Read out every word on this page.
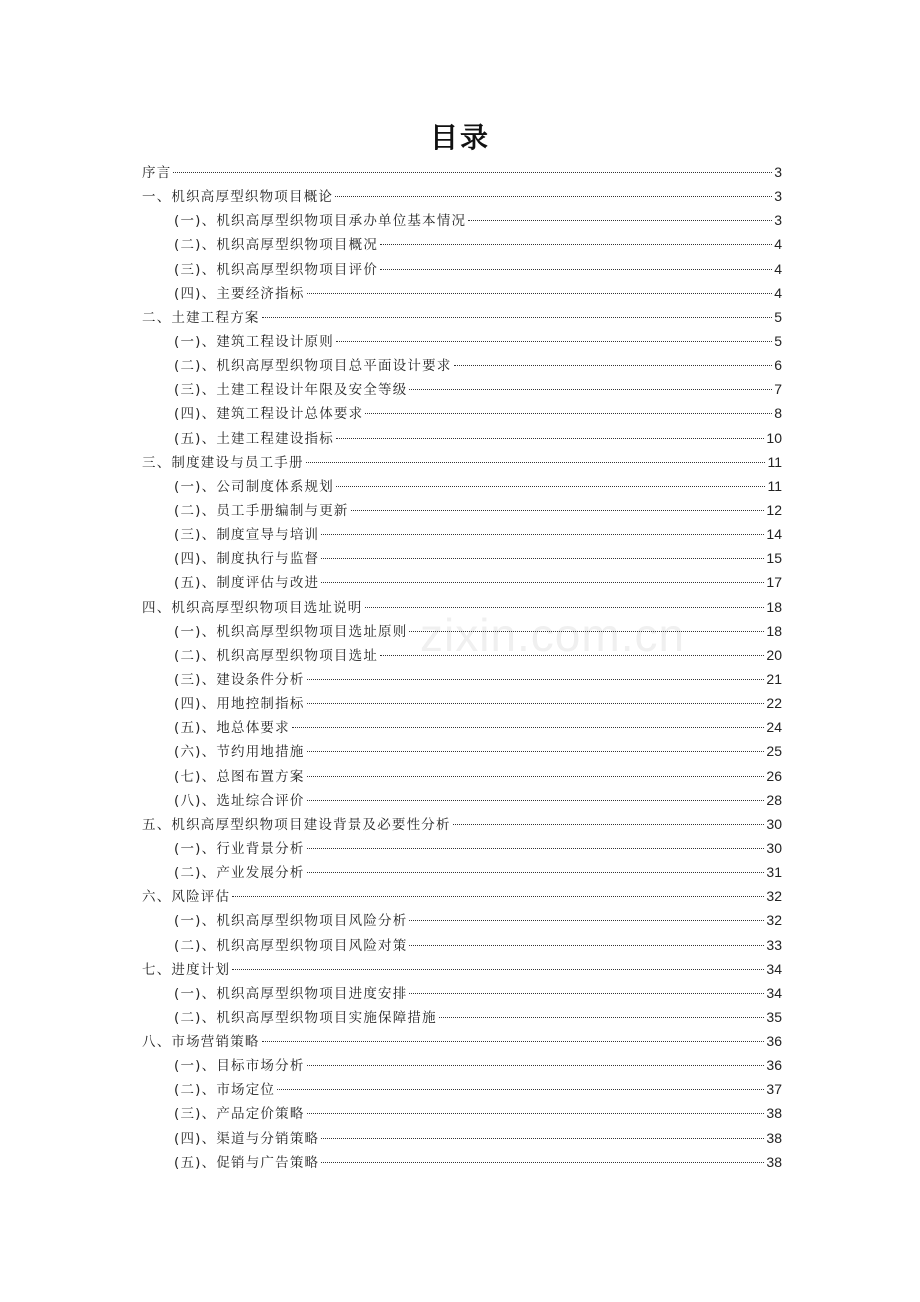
目录
zixin.com.cn
序言	3
一、机织高厚型织物项目概论	3
(一)、机织高厚型织物项目承办单位基本情况	3
(二)、机织高厚型织物项目概况	4
(三)、机织高厚型织物项目评价	4
(四)、主要经济指标	4
二、土建工程方案	5
(一)、建筑工程设计原则	5
(二)、机织高厚型织物项目总平面设计要求	6
(三)、土建工程设计年限及安全等级	7
(四)、建筑工程设计总体要求	8
(五)、土建工程建设指标	10
三、制度建设与员工手册	11
(一)、公司制度体系规划	11
(二)、员工手册编制与更新	12
(三)、制度宣导与培训	14
(四)、制度执行与监督	15
(五)、制度评估与改进	17
四、机织高厚型织物项目选址说明	18
(一)、机织高厚型织物项目选址原则	18
(二)、机织高厚型织物项目选址	20
(三)、建设条件分析	21
(四)、用地控制指标	22
(五)、地总体要求	24
(六)、节约用地措施	25
(七)、总图布置方案	26
(八)、选址综合评价	28
五、机织高厚型织物项目建设背景及必要性分析	30
(一)、行业背景分析	30
(二)、产业发展分析	31
六、风险评估	32
(一)、机织高厚型织物项目风险分析	32
(二)、机织高厚型织物项目风险对策	33
七、进度计划	34
(一)、机织高厚型织物项目进度安排	34
(二)、机织高厚型织物项目实施保障措施	35
八、市场营销策略	36
(一)、目标市场分析	36
(二)、市场定位	37
(三)、产品定价策略	38
(四)、渠道与分销策略	38
(五)、促销与广告策略	38
